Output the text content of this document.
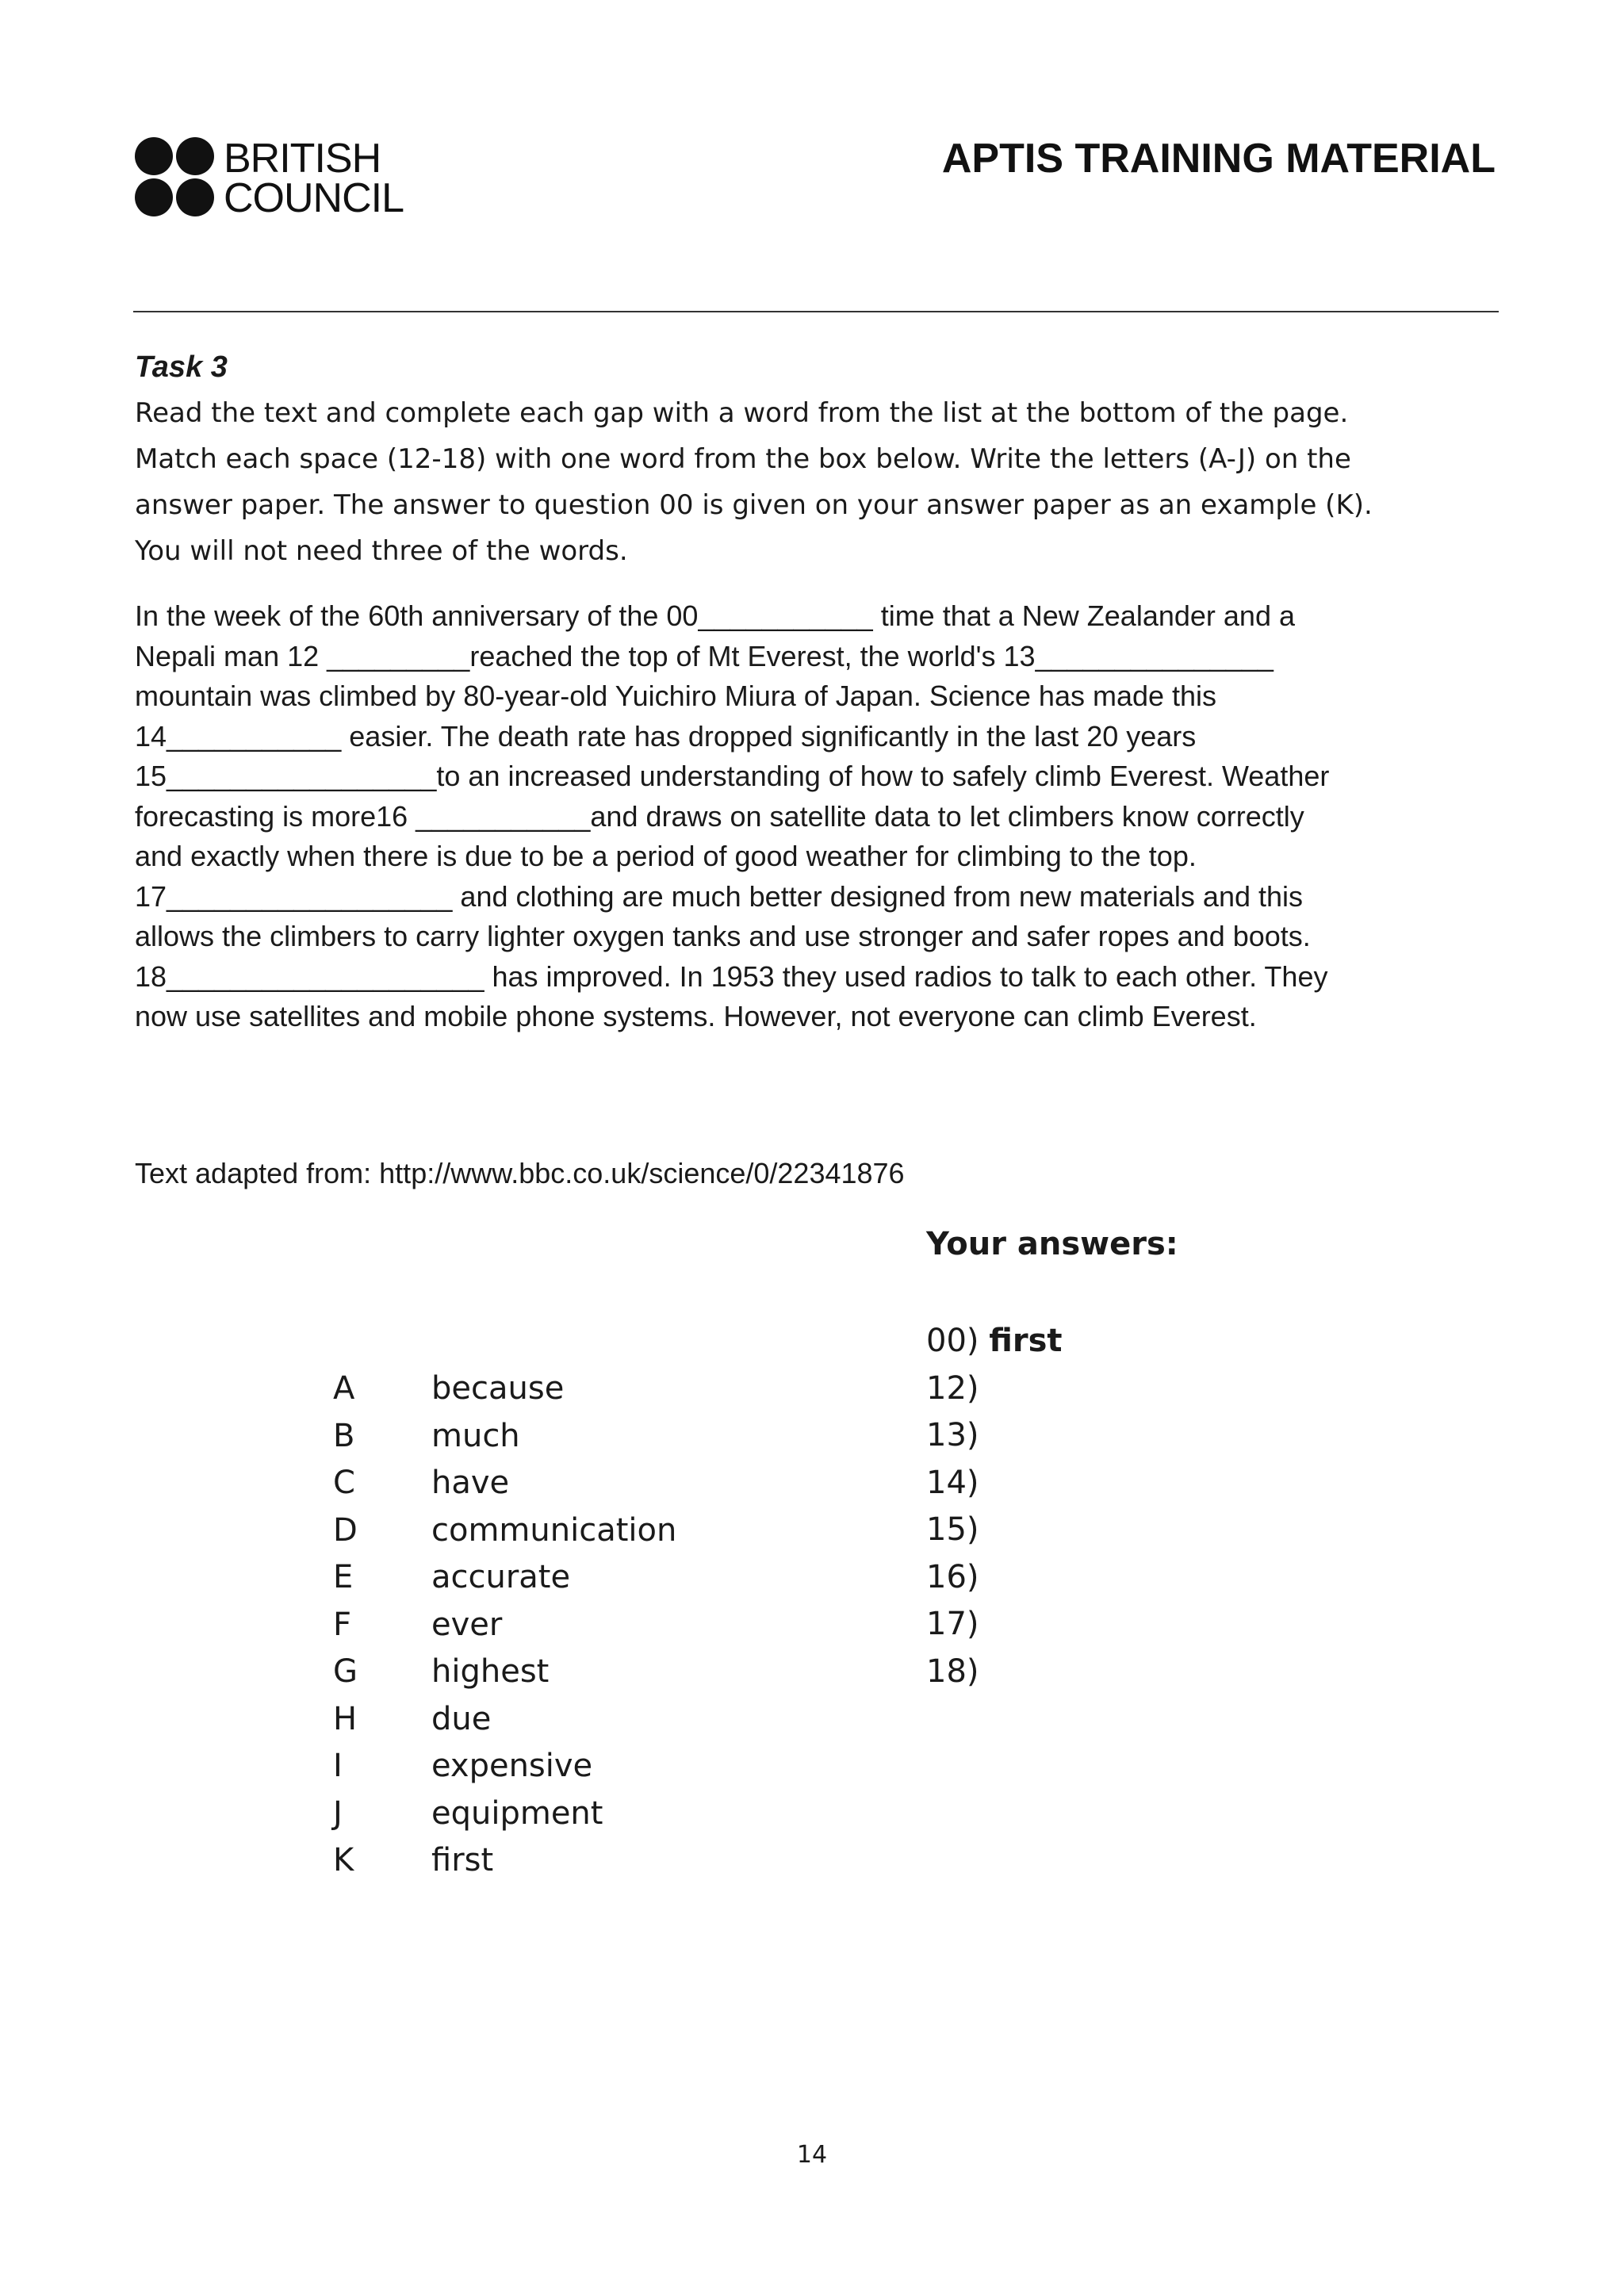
BRITISH
COUNCIL
APTIS TRAINING MATERIAL
Task 3
Read the text and complete each gap with a word from the list at the bottom of the page.
Match each space (12-18) with one word from the box below. Write the letters (A-J) on the
answer paper. The answer to question 00 is given on your answer paper as an example (K).
You will not need three of the words.
In the week of the 60th anniversary of the 00___________ time that a New Zealander and a
Nepali man 12 _________reached the top of Mt Everest, the world's 13_______________
mountain was climbed by 80-year-old Yuichiro Miura of Japan. Science has made this
14___________ easier. The death rate has dropped significantly in the last 20 years
15_________________to an increased understanding of how to safely climb Everest. Weather
forecasting is more16 ___________and draws on satellite data to let climbers know correctly
and exactly when there is due to be a period of good weather for climbing to the top.
17__________________ and clothing are much better designed from new materials and this
allows the climbers to carry lighter oxygen tanks and use stronger and safer ropes and boots.
18____________________ has improved. In 1953 they used radios to talk to each other. They
now use satellites and mobile phone systems. However, not everyone can climb Everest.
Text adapted from: http://www.bbc.co.uk/science/0/22341876
Your answers:
00) first
12)
13)
14)
15)
16)
17)
18)
A	because
B	much
C	have
D	communication
E	accurate
F	ever
G	highest
H	due
I	expensive
J	equipment
K	first
14
